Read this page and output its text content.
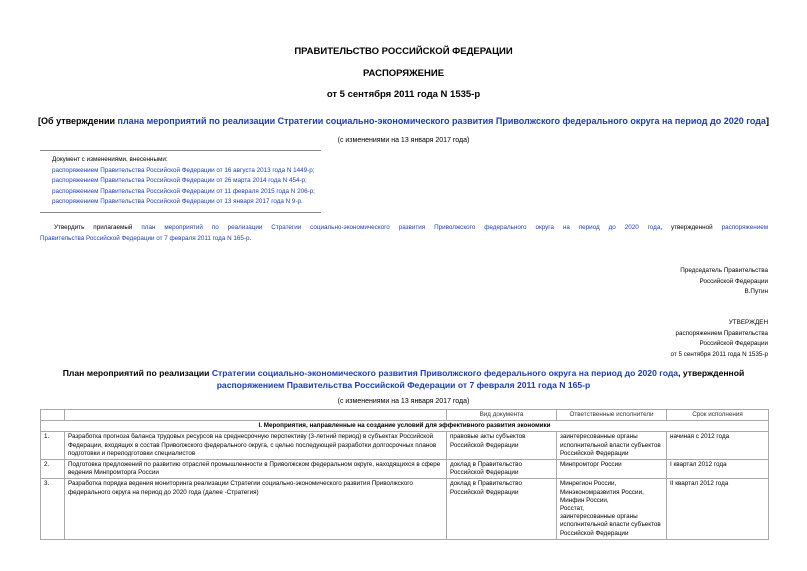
ПРАВИТЕЛЬСТВО РОССИЙСКОЙ ФЕДЕРАЦИИ
РАСПОРЯЖЕНИЕ
от 5 сентября 2011 года N 1535-р
[Об утверждении плана мероприятий по реализации Стратегии социально-экономического развития Приволжского федерального округа на период до 2020 года]
(с изменениями на 13 января 2017 года)
Документ с изменениями, внесенными:
распоряжением Правительства Российской Федерации от 16 августа 2013 года N 1449-р;
распоряжением Правительства Российской Федерации от 26 марта 2014 года N 454-р;
распоряжением Правительства Российской Федерации от 11 февраля 2015 года N 206-р;
распоряжением Правительства Российской Федерации от 13 января 2017 года N 9-р.
Утвердить прилагаемый план мероприятий по реализации Стратегии социально-экономического развития Приволжского федерального округа на период до 2020 года, утвержденной распоряжением
Правительства Российской Федерации от 7 февраля 2011 года N 165-р.
Председатель Правительства
Российской Федерации
В.Путин
УТВЕРЖДЕН
распоряжением Правительства
Российской Федерации
от 5 сентября 2011 года N 1535-р
План мероприятий по реализации Стратегии социально-экономического развития Приволжского федерального округа на период до 2020 года, утвержденной
распоряжением Правительства Российской Федерации от 7 февраля 2011 года N 165-р
(с изменениями на 13 января 2017 года)
		Вид документа	Ответственные исполнители	Срок исполнения
I. Мероприятия, направленные на создание условий для эффективного развития экономики				
1.	Разработка прогноза баланса трудовых ресурсов на среднесрочную перспективу (3-летний период) в субъектах Российской Федерации, входящих в состав Приволжского федерального округа, с целью последующей разработки долгосрочных планов подготовки и переподготовки специалистов	правовые акты субъектов Российской Федерации	заинтересованные органы исполнительной власти субъектов Российской Федерации	начиная с 2012 года
2.	Подготовка предложений по развитию отраслей промышленности в Приволжском федеральном округе, находящихся в сфере ведения Минпромторга России	доклад в Правительство Российской Федерации	Минпромторг России	I квартал 2012 года
3.	Разработка порядка ведения мониторинга реализации Стратегии социально-экономического развития Приволжского федерального округа на период до 2020 года (далее -Стратегия)	доклад в Правительство Российской Федерации	Минрегион России,
Минэкономразвития России,
Минфин России,
Росстат,
заинтересованные органы исполнительной власти субъектов Российской Федерации	II квартал 2012 года
